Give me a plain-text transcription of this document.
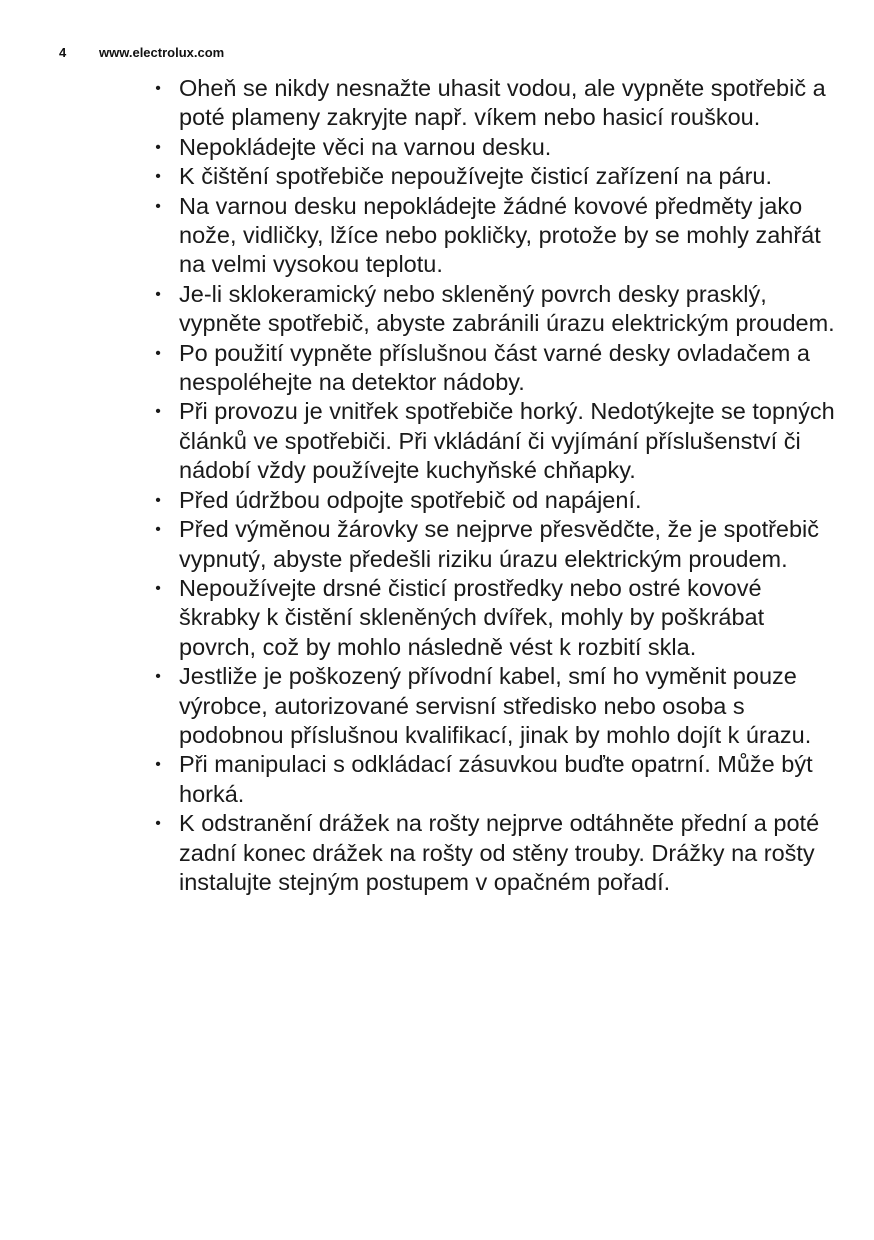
4	www.electrolux.com
• Oheň se nikdy nesnažte uhasit vodou, ale vypněte spotřebič a poté plameny zakryjte např. víkem nebo hasicí rouškou.
• Nepokládejte věci na varnou desku.
• K čištění spotřebiče nepoužívejte čisticí zařízení na páru.
• Na varnou desku nepokládejte žádné kovové předměty jako nože, vidličky, lžíce nebo pokličky, protože by se mohly zahřát na velmi vysokou teplotu.
• Je-li sklokeramický nebo skleněný povrch desky prasklý, vypněte spotřebič, abyste zabránili úrazu elektrickým proudem.
• Po použití vypněte příslušnou část varné desky ovladačem a nespoléhejte na detektor nádoby.
• Při provozu je vnitřek spotřebiče horký. Nedotýkejte se topných článků ve spotřebiči. Při vkládání či vyjímání příslušenství či nádobí vždy používejte kuchyňské chňapky.
• Před údržbou odpojte spotřebič od napájení.
• Před výměnou žárovky se nejprve přesvědčte, že je spotřebič vypnutý, abyste předešli riziku úrazu elektrickým proudem.
• Nepoužívejte drsné čisticí prostředky nebo ostré kovové škrabky k čistění skleněných dvířek, mohly by poškrábat povrch, což by mohlo následně vést k rozbití skla.
• Jestliže je poškozený přívodní kabel, smí ho vyměnit pouze výrobce, autorizované servisní středisko nebo osoba s podobnou příslušnou kvalifikací, jinak by mohlo dojít k úrazu.
• Při manipulaci s odkládací zásuvkou buďte opatrní. Může být horká.
• K odstranění drážek na rošty nejprve odtáhněte přední a poté zadní konec drážek na rošty od stěny trouby. Drážky na rošty instalujte stejným postupem v opačném pořadí.
